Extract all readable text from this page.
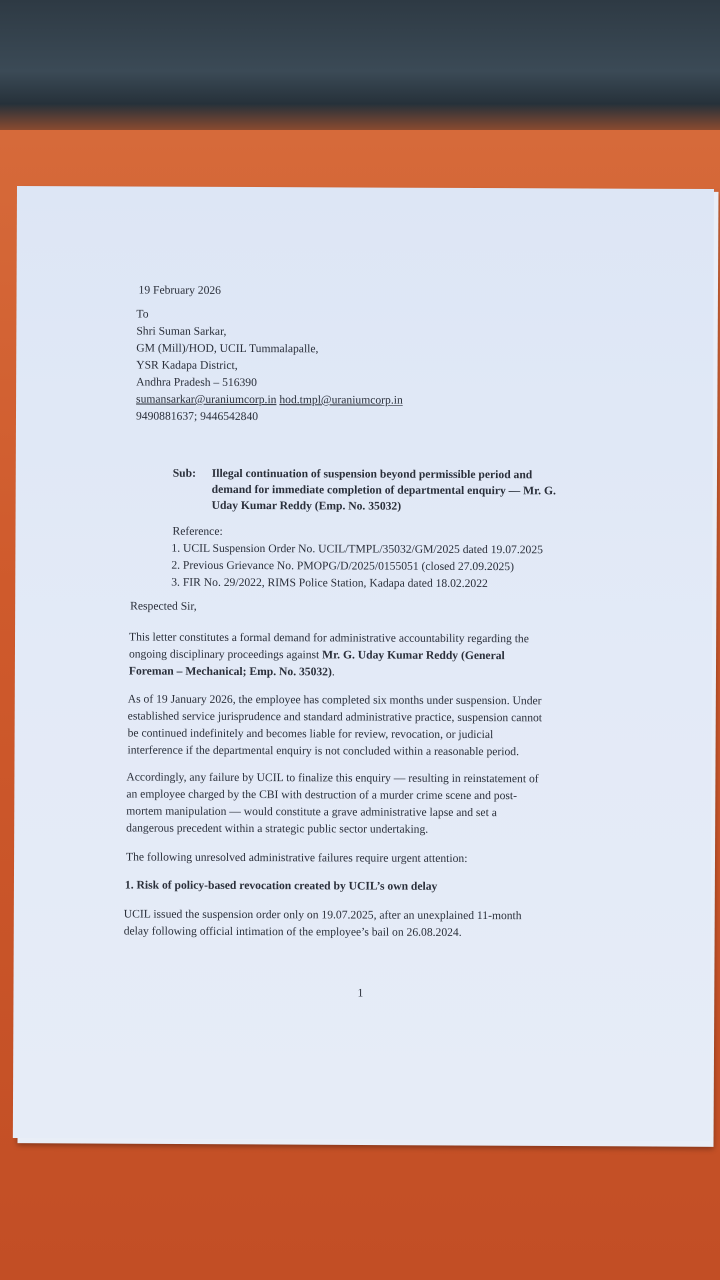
19 February 2026
To
Shri Suman Sarkar,
GM (Mill)/HOD, UCIL Tummalapalle,
YSR Kadapa District,
Andhra Pradesh – 516390
sumansarkar@uraniumcorp.in hod.tmpl@uraniumcorp.in
9490881637; 9446542840
Sub: Illegal continuation of suspension beyond permissible period and
demand for immediate completion of departmental enquiry — Mr. G.
Uday Kumar Reddy (Emp. No. 35032)
Reference:
1. UCIL Suspension Order No. UCIL/TMPL/35032/GM/2025 dated 19.07.2025
2. Previous Grievance No. PMOPG/D/2025/0155051 (closed 27.09.2025)
3. FIR No. 29/2022, RIMS Police Station, Kadapa dated 18.02.2022
Respected Sir,
This letter constitutes a formal demand for administrative accountability regarding the
ongoing disciplinary proceedings against Mr. G. Uday Kumar Reddy (General
Foreman – Mechanical; Emp. No. 35032).
As of 19 January 2026, the employee has completed six months under suspension. Under
established service jurisprudence and standard administrative practice, suspension cannot
be continued indefinitely and becomes liable for review, revocation, or judicial
interference if the departmental enquiry is not concluded within a reasonable period.
Accordingly, any failure by UCIL to finalize this enquiry — resulting in reinstatement of
an employee charged by the CBI with destruction of a murder crime scene and post-
mortem manipulation — would constitute a grave administrative lapse and set a
dangerous precedent within a strategic public sector undertaking.
The following unresolved administrative failures require urgent attention:
1. Risk of policy-based revocation created by UCIL’s own delay
UCIL issued the suspension order only on 19.07.2025, after an unexplained 11-month
delay following official intimation of the employee’s bail on 26.08.2024.
1
